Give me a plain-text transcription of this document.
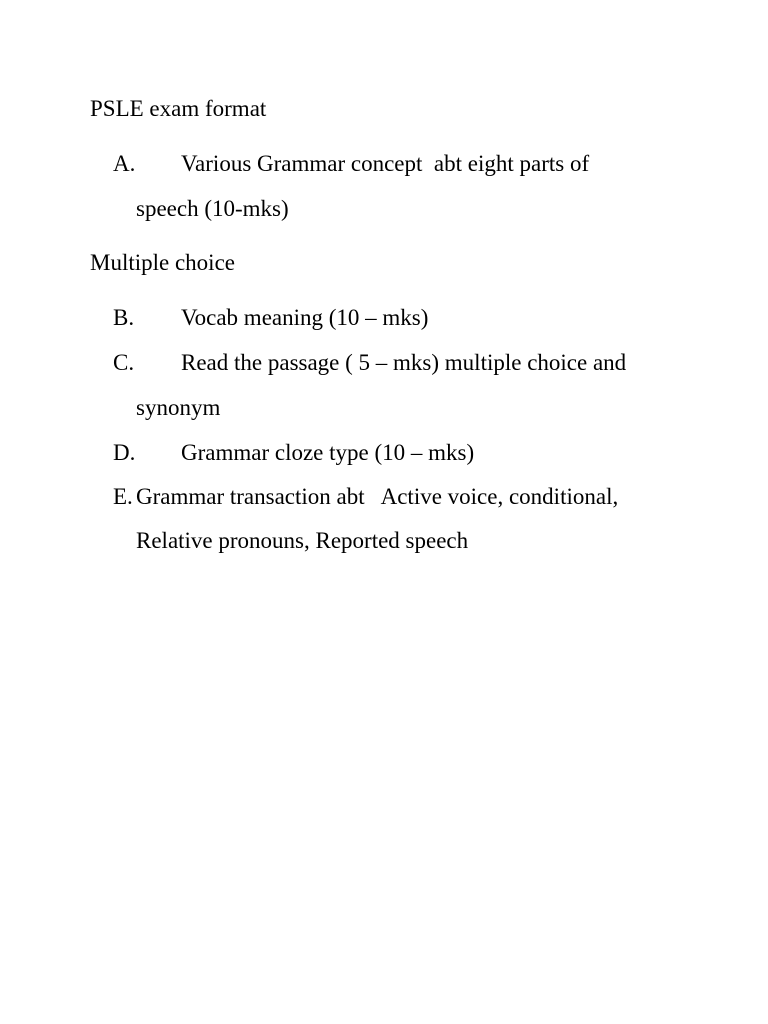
PSLE exam format
A. Various Grammar concept  abt eight parts of
speech (10-mks)
Multiple choice
B. Vocab meaning (10 – mks)
C. Read the passage ( 5 – mks) multiple choice and
synonym
D. Grammar cloze type (10 – mks)
E. Grammar transaction abt   Active voice, conditional,
Relative pronouns, Reported speech
